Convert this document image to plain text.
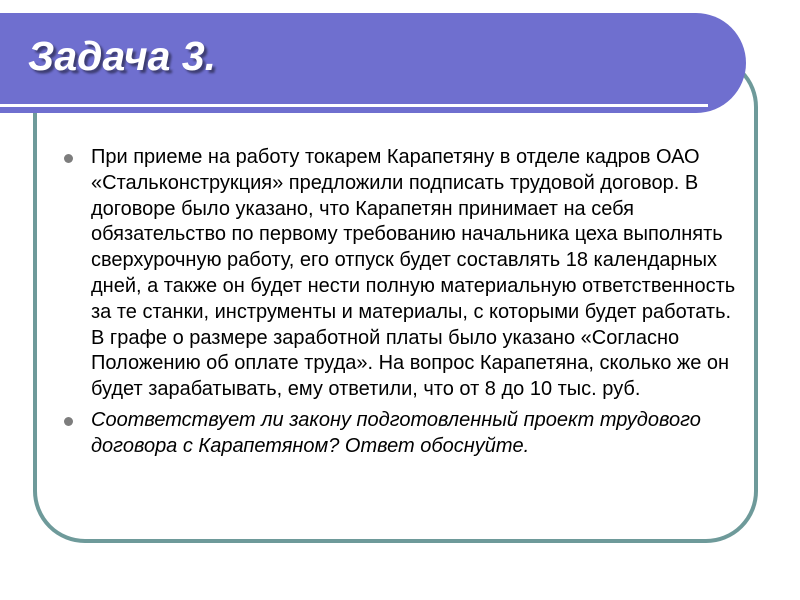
Задача 3.
При приеме на работу токарем Карапетяну в отделе кадров ОАО «Стальконструкция» предложили подписать трудовой договор. В договоре было указано, что Карапетян принимает на себя обязательство по первому требованию начальника цеха выполнять сверхурочную работу, его отпуск будет составлять 18 календарных дней, а также он будет нести полную материальную ответственность за те станки, инструменты и материалы, с которыми будет работать. В графе о размере заработной платы было указано «Согласно Положению об оплате труда». На вопрос Карапетяна, сколько же он будет зарабатывать, ему ответили, что от 8 до 10 тыс. руб.
Соответствует ли закону подготовленный проект трудового договора с Карапетяном? Ответ обоснуйте.
